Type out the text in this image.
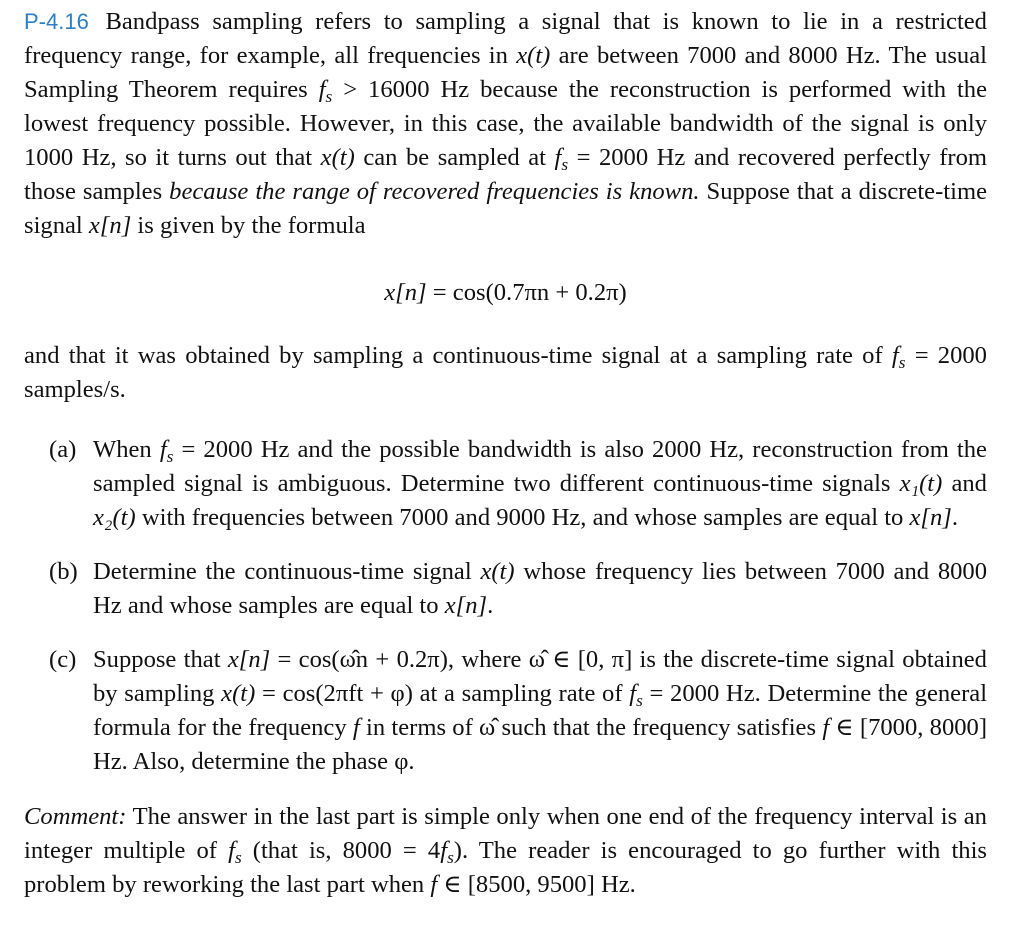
P-4.16 Bandpass sampling refers to sampling a signal that is known to lie in a restricted frequency range, for example, all frequencies in x(t) are between 7000 and 8000 Hz. The usual Sampling Theorem requires $f_s > 16000$ Hz because the reconstruction is performed with the lowest frequency possible. However, in this case, the available bandwidth of the signal is only 1000 Hz, so it turns out that x(t) can be sampled at $f_s = 2000$ Hz and recovered perfectly from those samples because the range of recovered frequencies is known. Suppose that a discrete-time signal x[n] is given by the formula

x[n] = cos(0.7πn + 0.2π)

and that it was obtained by sampling a continuous-time signal at a sampling rate of $f_s = 2000$ samples/s.

(a) When $f_s = 2000$ Hz and the possible bandwidth is also 2000 Hz, reconstruction from the sampled signal is ambiguous. Determine two different continuous-time signals x₁(t) and x₂(t) with frequencies between 7000 and 9000 Hz, and whose samples are equal to x[n].

(b) Determine the continuous-time signal x(t) whose frequency lies between 7000 and 8000 Hz and whose samples are equal to x[n].

(c) Suppose that x[n] = cos(ω̂n + 0.2π), where ω̂ ∈ [0, π] is the discrete-time signal obtained by sampling x(t) = cos(2πft + φ) at a sampling rate of $f_s = 2000$ Hz. Determine the general formula for the frequency f in terms of ω̂ such that the frequency satisfies f ∈ [7000, 8000] Hz. Also, determine the phase φ.

Comment: The answer in the last part is simple only when one end of the frequency interval is an integer multiple of $f_s$ (that is, $8000 = 4f_s$). The reader is encouraged to go further with this problem by reworking the last part when f ∈ [8500, 9500] Hz.
